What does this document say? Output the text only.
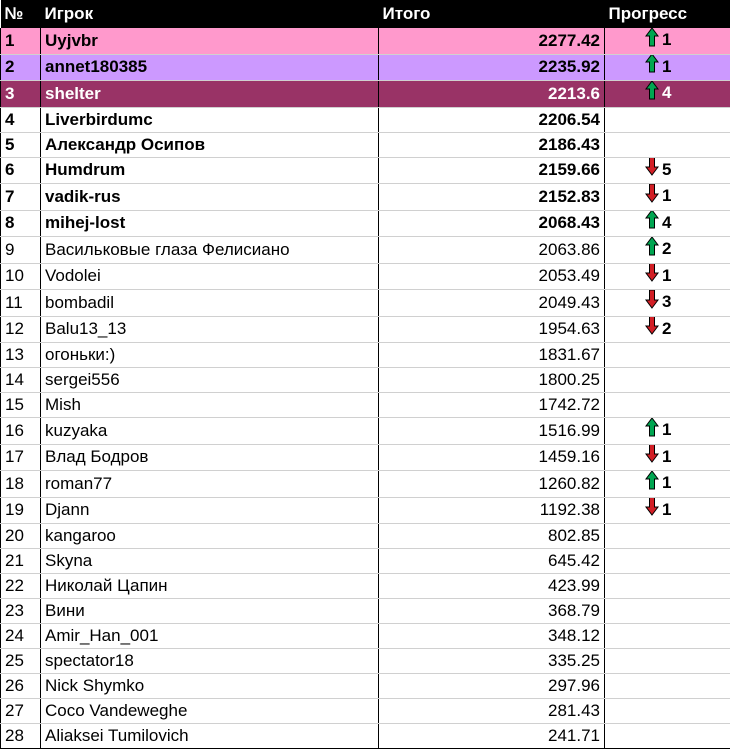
№	Игрок	Итого	Прогресс
1	Uyjvbr	2277.42	1

2	annet180385	2235.92	1

3	shelter	2213.6	4

4	Liverbirdumc	2206.54	
5	Александр Осипов	2186.43	
6	Humdrum	2159.66	5

7	vadik-rus	2152.83	1

8	mihej-lost	2068.43	4

9	Васильковые глаза Фелисиано	2063.86	2

10	Vodolei	2053.49	1

11	bombadil	2049.43	3

12	Balu13_13	1954.63	2

13	огоньки:)	1831.67	
14	sergei556	1800.25	
15	Mish	1742.72	
16	kuzyaka	1516.99	1

17	Влад Бодров	1459.16	1

18	roman77	1260.82	1

19	Djann	1192.38	1

20	kangaroo	802.85	
21	Skyna	645.42	
22	Николай Цапин	423.99	
23	Вини	368.79	
24	Amir_Han_001	348.12	
25	spectator18	335.25	
26	Nick Shymko	297.96	
27	Coco Vandeweghe	281.43	
28	Aliaksei Tumilovich	241.71	
